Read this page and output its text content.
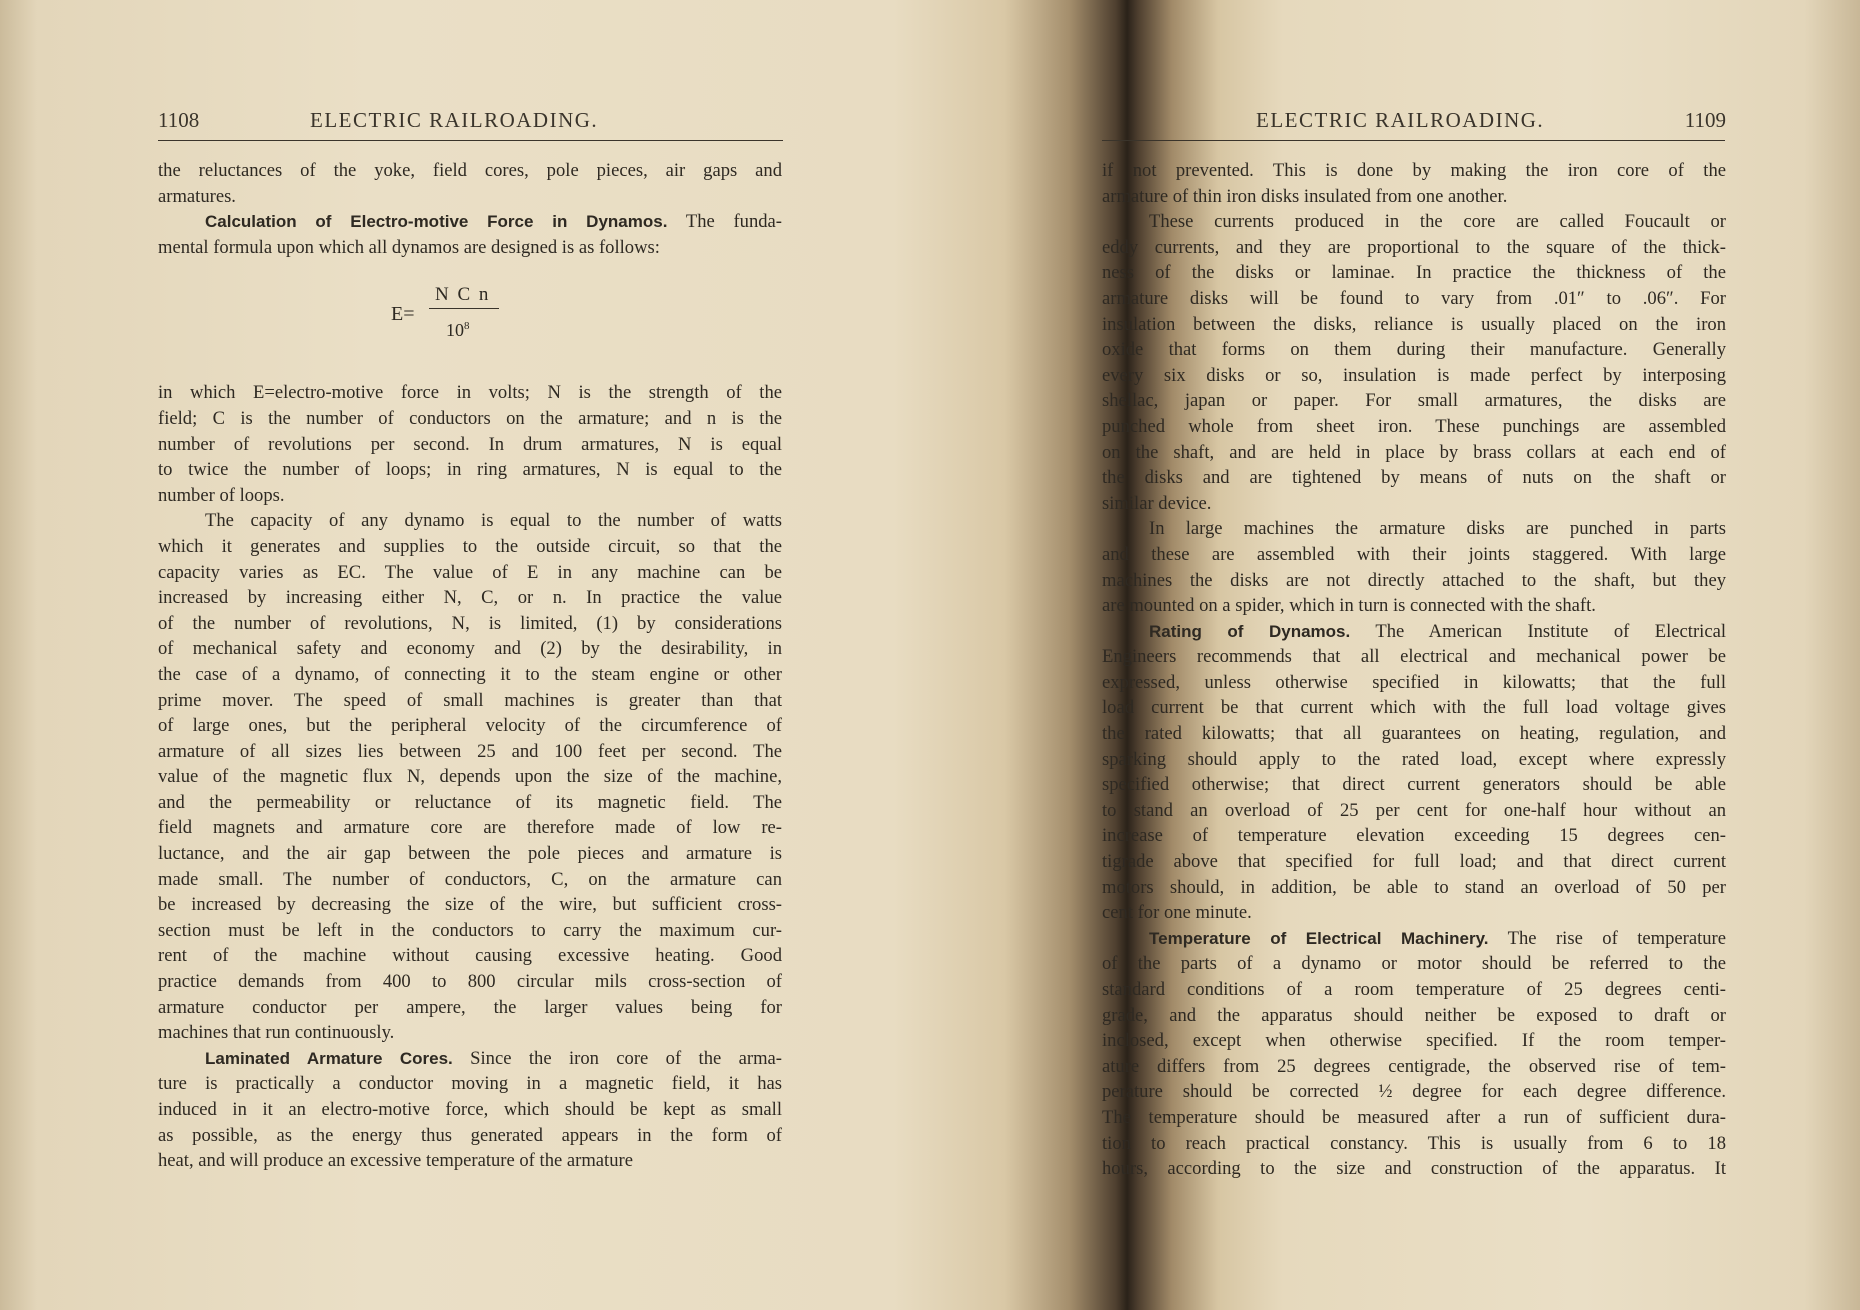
1108	ELECTRIC RAILROADING.
the reluctances of the yoke, field cores, pole pieces, air gaps and
armatures.
Calculation of Electro-motive Force in Dynamos. The funda-
mental formula upon which all dynamos are designed is as follows:
E=
N C n
$10^8$
in which E=electro-motive force in volts; N is the strength of the
field; C is the number of conductors on the armature; and n is the
number of revolutions per second. In drum armatures, N is equal
to twice the number of loops; in ring armatures, N is equal to the
number of loops.
The capacity of any dynamo is equal to the number of watts
which it generates and supplies to the outside circuit, so that the
capacity varies as EC. The value of E in any machine can be
increased by increasing either N, C, or n. In practice the value
of the number of revolutions, N, is limited, (1) by considerations
of mechanical safety and economy and (2) by the desirability, in
the case of a dynamo, of connecting it to the steam engine or other
prime mover. The speed of small machines is greater than that
of large ones, but the peripheral velocity of the circumference of
armature of all sizes lies between 25 and 100 feet per second. The
value of the magnetic flux N, depends upon the size of the machine,
and the permeability or reluctance of its magnetic field. The
field magnets and armature core are therefore made of low re-
luctance, and the air gap between the pole pieces and armature is
made small. The number of conductors, C, on the armature can
be increased by decreasing the size of the wire, but sufficient cross-
section must be left in the conductors to carry the maximum cur-
rent of the machine without causing excessive heating. Good
practice demands from 400 to 800 circular mils cross-section of
armature conductor per ampere, the larger values being for
machines that run continuously.
Laminated Armature Cores. Since the iron core of the arma-
ture is practically a conductor moving in a magnetic field, it has
induced in it an electro-motive force, which should be kept as small
as possible, as the energy thus generated appears in the form of
heat, and will produce an excessive temperature of the armature
ELECTRIC RAILROADING.	1109
if not prevented. This is done by making the iron core of the
armature of thin iron disks insulated from one another.
These currents produced in the core are called Foucault or
eddy currents, and they are proportional to the square of the thick-
ness of the disks or laminae. In practice the thickness of the
armature disks will be found to vary from .01″ to .06″. For
insulation between the disks, reliance is usually placed on the iron
oxide that forms on them during their manufacture. Generally
every six disks or so, insulation is made perfect by interposing
shellac, japan or paper. For small armatures, the disks are
punched whole from sheet iron. These punchings are assembled
on the shaft, and are held in place by brass collars at each end of
the disks and are tightened by means of nuts on the shaft or
similar device.
In large machines the armature disks are punched in parts
and these are assembled with their joints staggered. With large
machines the disks are not directly attached to the shaft, but they
are mounted on a spider, which in turn is connected with the shaft.
Rating of Dynamos. The American Institute of Electrical
Engineers recommends that all electrical and mechanical power be
expressed, unless otherwise specified in kilowatts; that the full
load current be that current which with the full load voltage gives
the rated kilowatts; that all guarantees on heating, regulation, and
sparking should apply to the rated load, except where expressly
specified otherwise; that direct current generators should be able
to stand an overload of 25 per cent for one-half hour without an
increase of temperature elevation exceeding 15 degrees cen-
tigrade above that specified for full load; and that direct current
motors should, in addition, be able to stand an overload of 50 per
cent for one minute.
Temperature of Electrical Machinery. The rise of temperature
of the parts of a dynamo or motor should be referred to the
standard conditions of a room temperature of 25 degrees centi-
grade, and the apparatus should neither be exposed to draft or
inclosed, except when otherwise specified. If the room temper-
ature differs from 25 degrees centigrade, the observed rise of tem-
perature should be corrected ½ degree for each degree difference.
The temperature should be measured after a run of sufficient dura-
tion to reach practical constancy. This is usually from 6 to 18
hours, according to the size and construction of the apparatus. It
